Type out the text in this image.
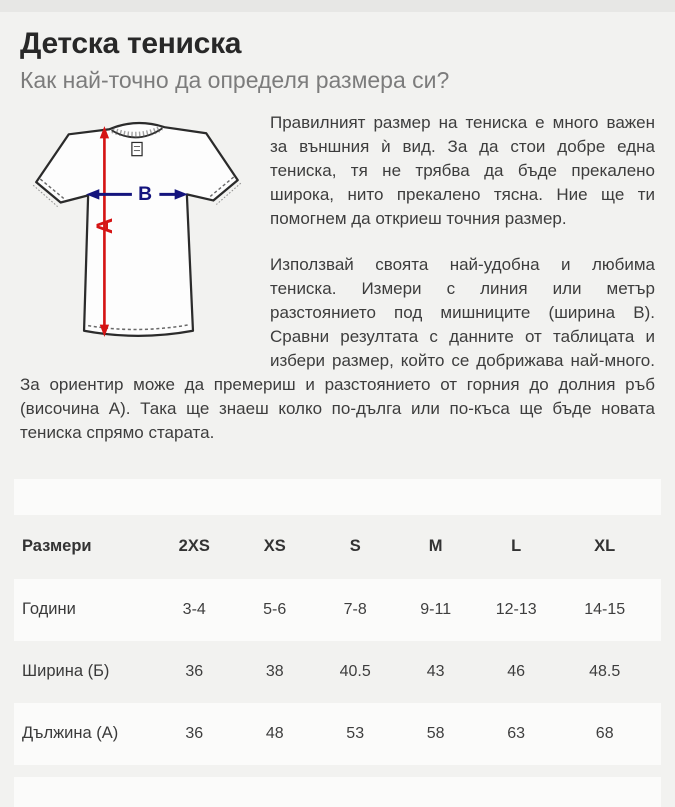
Детска тениска
Как най-точно да определя размера си?
A
B

Правилният размер на тениска е много важен за външния ѝ вид. За да стои добре една тениска, тя не трябва да бъде прекалено широка, нито прекалено тясна. Ние ще ти помогнем да откриеш точния размер.

Използвай своята най-удобна и любима тениска. Измери с линия или метър разстоянието под мишниците (ширина B). Сравни резултата с данните от таблицата и избери размер, който се добрижава най-много. За ориентир може да премериш и разстоянието от горния до долния ръб (височина А). Така ще знаеш колко по-дълга или по-къса ще бъде новата тениска спрямо старата.

Размери	2XS	XS	S	M	L	XL
Години	3-4	5-6	7-8	9-11	12-13	14-15
Ширина (Б)	36	38	40.5	43	46	48.5
Дължина (А)	36	48	53	58	63	68
